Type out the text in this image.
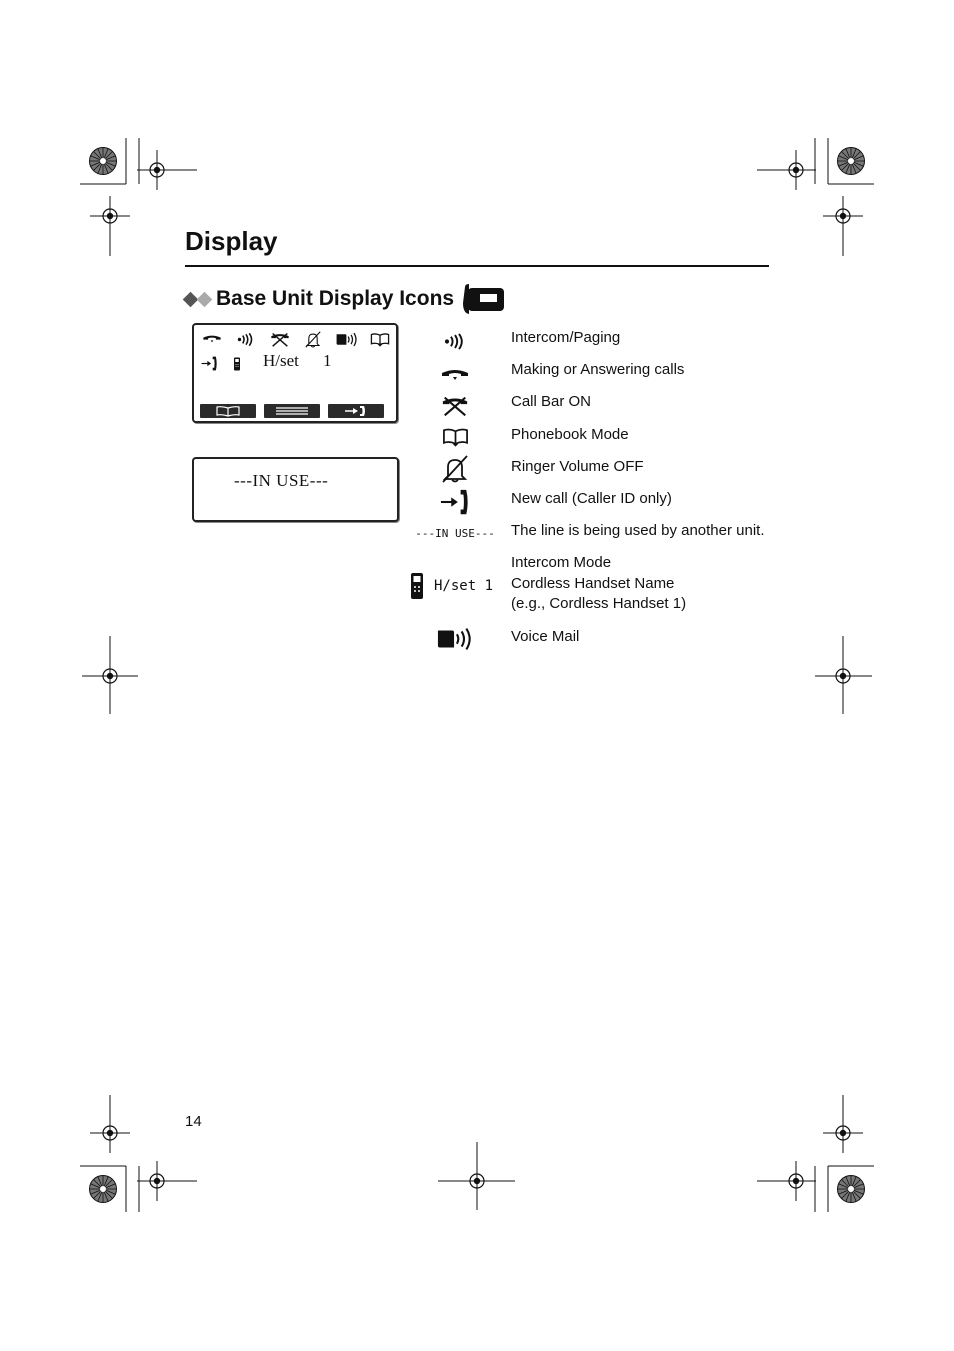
Display
Base Unit Display Icons
H/set 1
---IN USE---
Intercom/Paging
Making or Answering calls
Call Bar ON
Phonebook Mode
Ringer Volume OFF
New call (Caller ID only)
---IN USE--- The line is being used by another unit.
H/set 1
Intercom Mode
Cordless Handset Name
(e.g., Cordless Handset 1)
Voice Mail
14
